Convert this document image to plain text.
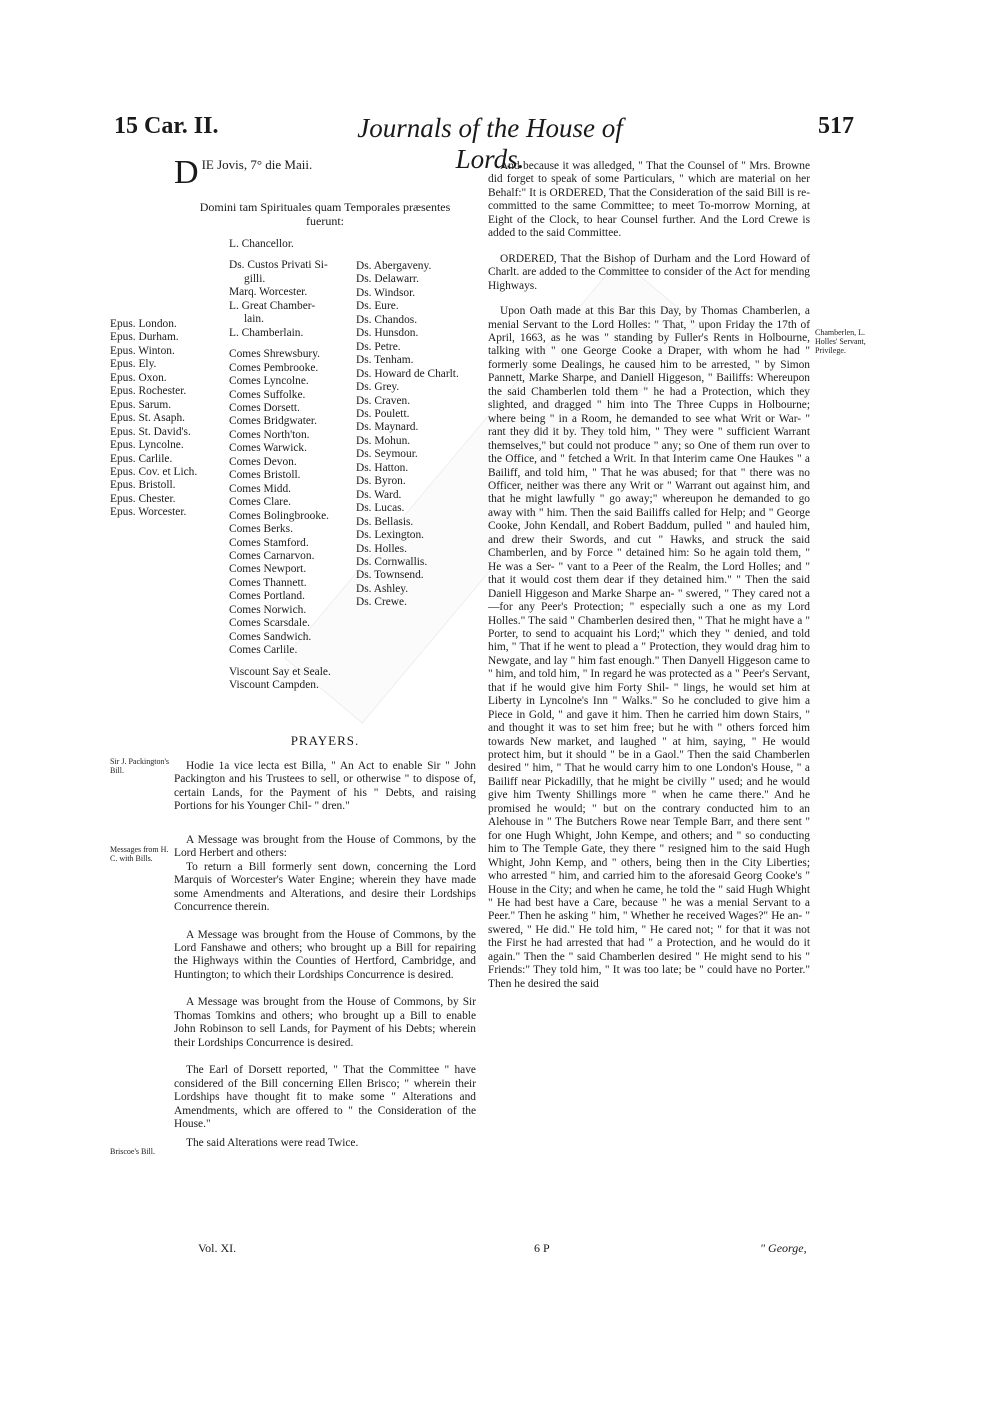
15 Car. II.	Journals of the House of Lords.
517
D IE Jovis, 7° die Maii.
Domini tam Spirituales quam Temporales præsentes fuerunt:
Epus. London.
Epus. Durham.
Epus. Winton.
Epus. Ely.
Epus. Oxon.
Epus. Rochester.
Epus. Sarum.
Epus. St. Asaph.
Epus. St. David's.
Epus. Lyncolne.
Epus. Carlile.
Epus. Cov. et Lich.
Epus. Bristoll.
Epus. Chester.
Epus. Worcester.
L. Chancellor.
Ds. Custos Privati Si-
gilli.
Marq. Worcester.
L. Great Chamber-
lain.
L. Chamberlain.
Comes Shrewsbury.
Comes Pembrooke.
Comes Lyncolne.
Comes Suffolke.
Comes Dorsett.
Comes Bridgwater.
Comes North'ton.
Comes Warwick.
Comes Devon.
Comes Bristoll.
Comes Midd.
Comes Clare.
Comes Bolingbrooke.
Comes Berks.
Comes Stamford.
Comes Carnarvon.
Comes Newport.
Comes Thannett.
Comes Portland.
Comes Norwich.
Comes Scarsdale.
Comes Sandwich.
Comes Carlile.
Viscount Say et Seale.
Viscount Campden.
Ds. Abergaveny.
Ds. Delawarr.
Ds. Windsor.
Ds. Eure.
Ds. Chandos.
Ds. Hunsdon.
Ds. Petre.
Ds. Tenham.
Ds. Howard de Charlt.
Ds. Grey.
Ds. Craven.
Ds. Poulett.
Ds. Maynard.
Ds. Mohun.
Ds. Seymour.
Ds. Hatton.
Ds. Byron.
Ds. Ward.
Ds. Lucas.
Ds. Bellasis.
Ds. Lexington.
Ds. Holles.
Ds. Cornwallis.
Ds. Townsend.
Ds. Ashley.
Ds. Crewe.
PRAYERS.
Sir J. Packington's Bill.
Messages from H. C. with Bills.
Briscoe's Bill.
Chamberlen, L. Holles' Servant, Privilege.

Hodie 1a vice lecta est Billa, " An Act to enable Sir " John Packington and his Trustees to sell, or otherwise " to dispose of, certain Lands, for the Payment of his " Debts, and raising Portions for his Younger Chil- " dren."

A Message was brought from the House of Commons, by the Lord Herbert and others:

To return a Bill formerly sent down, concerning the Lord Marquis of Worcester's Water Engine; wherein they have made some Amendments and Alterations, and desire their Lordships Concurrence therein.

A Message was brought from the House of Commons, by the Lord Fanshawe and others; who brought up a Bill for repairing the Highways within the Counties of Hertford, Cambridge, and Huntington; to which their Lordships Concurrence is desired.

A Message was brought from the House of Commons, by Sir Thomas Tomkins and others; who brought up a Bill to enable John Robinson to sell Lands, for Payment of his Debts; wherein their Lordships Concurrence is desired.

The Earl of Dorsett reported, " That the Committee " have considered of the Bill concerning Ellen Brisco; " wherein their Lordships have thought fit to make some " Alterations and Amendments, which are offered to " the Consideration of the House."

The said Alterations were read Twice.

And because it was alledged, " That the Counsel of " Mrs. Browne did forget to speak of some Particulars, " which are material on her Behalf:" It is ORDERED, That the Consideration of the said Bill is re-committed to the same Committee; to meet To-morrow Morning, at Eight of the Clock, to hear Counsel further. And the Lord Crewe is added to the said Committee.

ORDERED, That the Bishop of Durham and the Lord Howard of Charlt. are added to the Committee to consider of the Act for mending Highways.

Upon Oath made at this Bar this Day, by Thomas Chamberlen, a menial Servant to the Lord Holles: " That, " upon Friday the 17th of April, 1663, as he was " standing by Fuller's Rents in Holbourne, talking with " one George Cooke a Draper, with whom he had " formerly some Dealings, he caused him to be arrested, " by Simon Pannett, Marke Sharpe, and Daniell Higgeson, " Bailiffs: Whereupon the said Chamberlen told them " he had a Protection, which they slighted, and dragged " him into The Three Cupps in Holbourne; where being " in a Room, he demanded to see what Writ or War- " rant they did it by. They told him, " They were " sufficient Warrant themselves," but could not produce " any; so One of them run over to the Office, and " fetched a Writ. In that Interim came One Haukes " a Bailiff, and told him, " That he was abused; for that " there was no Officer, neither was there any Writ or " Warrant out against him, and that he might lawfully " go away;" whereupon he demanded to go away with " him. Then the said Bailiffs called for Help; and " George Cooke, John Kendall, and Robert Baddum, pulled " and hauled him, and drew their Swords, and cut " Hawks, and struck the said Chamberlen, and by Force " detained him: So he again told them, " He was a Ser- " vant to a Peer of the Realm, the Lord Holles; and " that it would cost them dear if they detained him." " Then the said Daniell Higgeson and Marke Sharpe an- " swered, " They cared not a—for any Peer's Protection; " especially such a one as my Lord Holles." The said " Chamberlen desired then, " That he might have a " Porter, to send to acquaint his Lord;" which they " denied, and told him, " That if he went to plead a " Protection, they would drag him to Newgate, and lay " him fast enough." Then Danyell Higgeson came to " him, and told him, " In regard he was protected as a " Peer's Servant, that if he would give him Forty Shil- " lings, he would set him at Liberty in Lyncolne's Inn " Walks." So he concluded to give him a Piece in Gold, " and gave it him. Then he carried him down Stairs, " and thought it was to set him free; but he with " others forced him towards New market, and laughed " at him, saying, " He would protect him, but it should " be in a Gaol." Then the said Chamberlen desired " him, " That he would carry him to one London's House, " a Bailiff near Pickadilly, that he might be civilly " used; and he would give him Twenty Shillings more " when he came there." And he promised he would; " but on the contrary conducted him to an Alehouse in " The Butchers Rowe near Temple Barr, and there sent " for one Hugh Whight, John Kempe, and others; and " so conducting him to The Temple Gate, they there " resigned him to the said Hugh Whight, John Kemp, and " others, being then in the City Liberties; who arrested " him, and carried him to the aforesaid Georg Cooke's " House in the City; and when he came, he told the " said Hugh Whight " He had best have a Care, because " he was a menial Servant to a Peer." Then he asking " him, " Whether he received Wages?" He an- " swered, " He did." He told him, " He cared not; " for that it was not the First he had arrested that had " a Protection, and he would do it again." Then the " said Chamberlen desired " He might send to his " Friends:" They told him, " It was too late; be " could have no Porter." Then he desired the said

Vol. XI.	6 P	" George,
